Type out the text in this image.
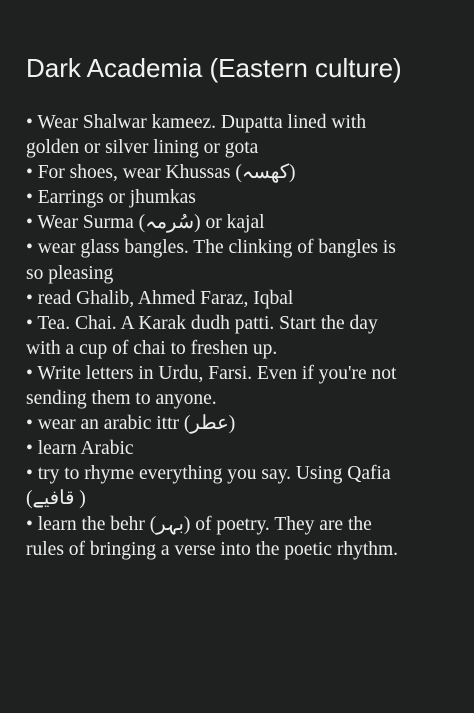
Dark Academia (Eastern culture)
• Wear Shalwar kameez. Dupatta lined with
golden or silver lining or gota
• For shoes, wear Khussas (کھسہ)
• Earrings or jhumkas
• Wear Surma (سُرمہ) or kajal
• wear glass bangles. The clinking of bangles is
so pleasing
• read Ghalib, Ahmed Faraz, Iqbal
• Tea. Chai. A Karak dudh patti. Start the day
with a cup of chai to freshen up.
• Write letters in Urdu, Farsi. Even if you're not
sending them to anyone.
• wear an arabic ittr (عطر)
• learn Arabic
• try to rhyme everything you say. Using Qafia
(قافیے )
• learn the behr (بہر) of poetry. They are the
rules of bringing a verse into the poetic rhythm.
